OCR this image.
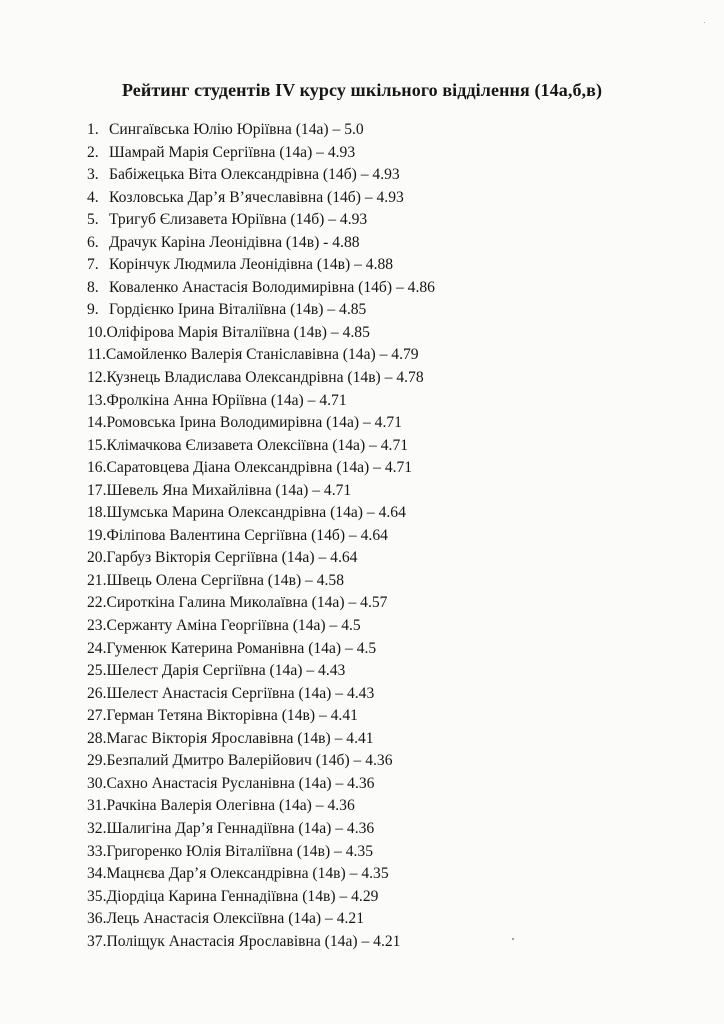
Рейтинг студентів IV курсу шкільного відділення (14а,б,в)
1. Сингаївська Юлію Юріївна (14а) – 5.0
2. Шамрай Марія Сергіївна (14а) – 4.93
3. Бабіжецька Віта Олександрівна (14б) – 4.93
4. Козловська Дар’я В’ячеславівна (14б) – 4.93
5. Тригуб Єлизавета Юріївна (14б) – 4.93
6. Драчук Каріна Леонідівна (14в) - 4.88
7. Корінчук Людмила Леонідівна (14в) – 4.88
8. Коваленко Анастасія Володимирівна (14б) – 4.86
9. Гордієнко Ірина Віталіївна (14в) – 4.85
10.Оліфірова Марія Віталіївна (14в) – 4.85
11.Самойленко Валерія Станіславівна (14а) – 4.79
12.Кузнець Владислава Олександрівна (14в) – 4.78
13.Фролкіна Анна Юріївна (14а) – 4.71
14.Ромовська Ірина Володимирівна (14а) – 4.71
15.Клімачкова Єлизавета Олексіївна (14а) – 4.71
16.Саратовцева Діана Олександрівна (14а) – 4.71
17.Шевель Яна Михайлівна (14а) – 4.71
18.Шумська Марина Олександрівна (14а) – 4.64
19.Філіпова Валентина Сергіївна (14б) – 4.64
20.Гарбуз Вікторія Сергіївна (14а) – 4.64
21.Швець Олена Сергіївна (14в) – 4.58
22.Сироткіна Галина Миколаївна (14а) – 4.57
23.Сержанту Аміна Георгіївна (14а) – 4.5
24.Гуменюк Катерина Романівна (14а) – 4.5
25.Шелест Дарія Сергіївна (14а) – 4.43
26.Шелест Анастасія Сергіївна (14а) – 4.43
27.Герман Тетяна Вікторівна (14в) – 4.41
28.Магас Вікторія Ярославівна (14в) – 4.41
29.Безпалий Дмитро Валерійович (14б) – 4.36
30.Сахно Анастасія Русланівна (14а) – 4.36
31.Рачкіна Валерія Олегівна (14а) – 4.36
32.Шалигіна Дар’я Геннадіївна (14а) – 4.36
33.Григоренко Юлія Віталіївна (14в) – 4.35
34.Мацнєва Дар’я Олександрівна (14в) – 4.35
35.Діордіца Карина Геннадіївна (14в) – 4.29
36.Лець Анастасія Олексіївна (14а) – 4.21
37.Поліщук Анастасія Ярославівна (14а) – 4.21
